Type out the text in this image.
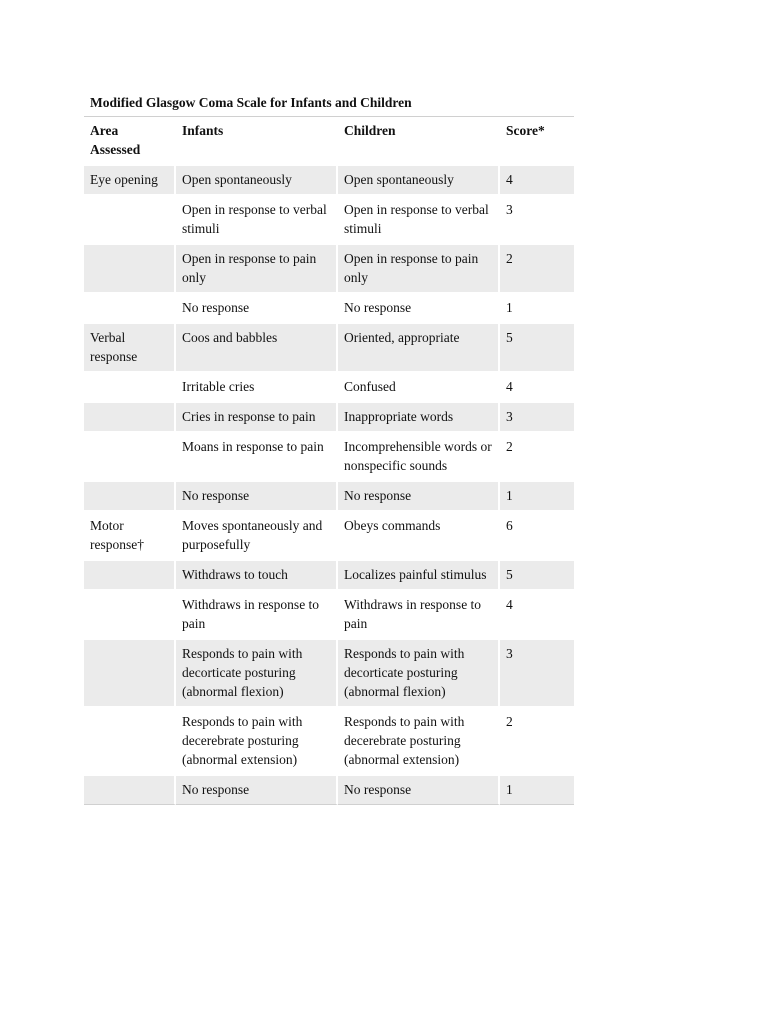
Modified Glasgow Coma Scale for Infants and Children
Area Assessed	Infants	Children	Score*
Eye opening	Open spontaneously	Open spontaneously	4
	Open in response to verbal stimuli	Open in response to verbal stimuli	3
	Open in response to pain only	Open in response to pain only	2
	No response	No response	1
Verbal response	Coos and babbles	Oriented, appropriate	5
	Irritable cries	Confused	4
	Cries in response to pain	Inappropriate words	3
	Moans in response to pain	Incomprehensible words or nonspecific sounds	2
	No response	No response	1
Motor response†	Moves spontaneously and purposefully	Obeys commands	6
	Withdraws to touch	Localizes painful stimulus	5
	Withdraws in response to pain	Withdraws in response to pain	4
	Responds to pain with decorticate posturing (abnormal flexion)	Responds to pain with decorticate posturing (abnormal flexion)	3
	Responds to pain with decerebrate posturing (abnormal extension)	Responds to pain with decerebrate posturing (abnormal extension)	2
	No response	No response	1
